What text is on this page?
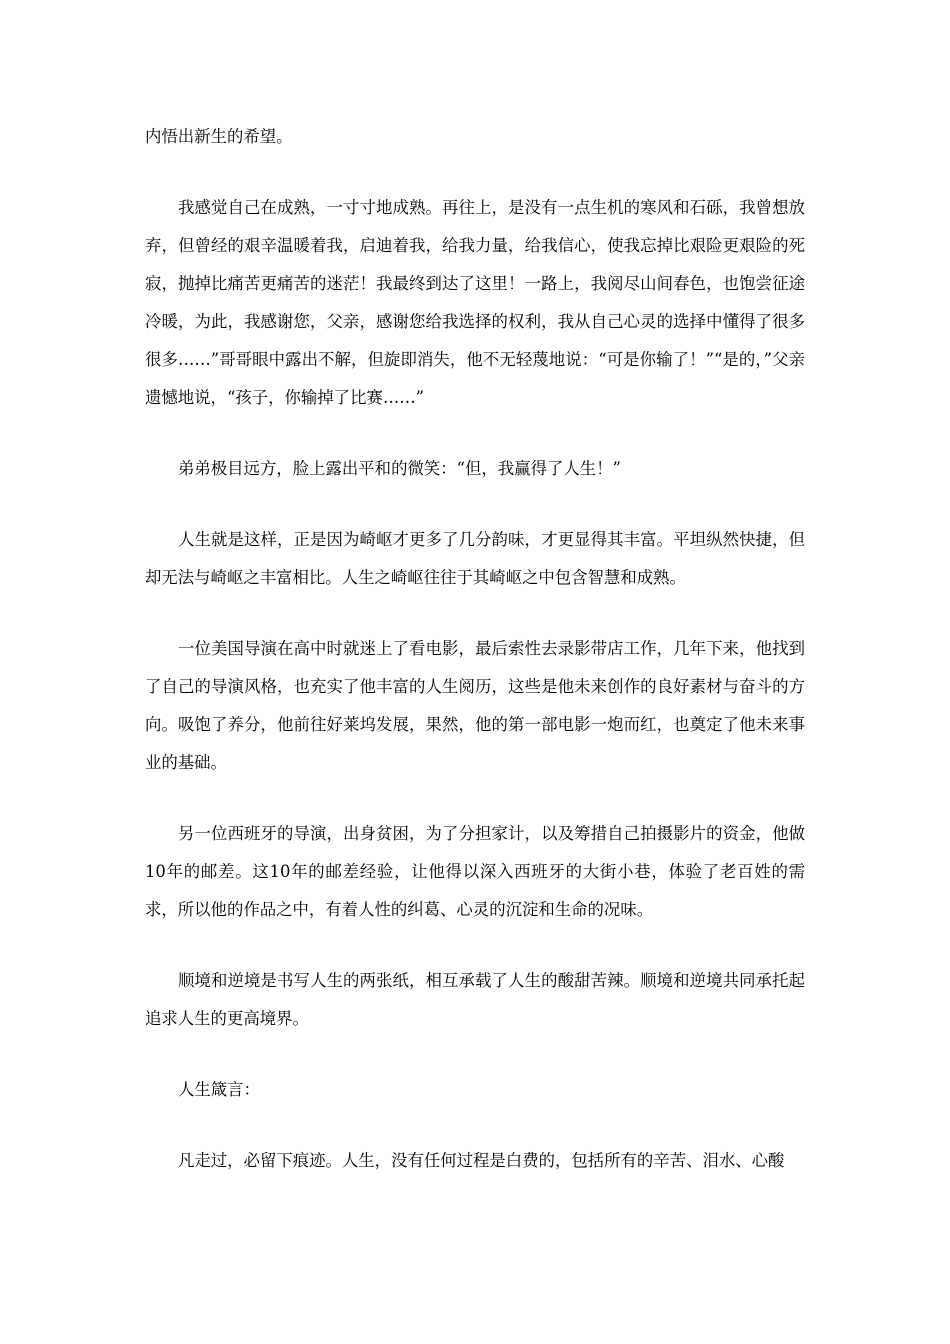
内悟出新生的希望。

我感觉自己在成熟，一寸寸地成熟。再往上，是没有一点生机的寒风和石砾，我曾想放弃，但曾经的艰辛温暖着我，启迪着我，给我力量，给我信心，使我忘掉比艰险更艰险的死寂，抛掉比痛苦更痛苦的迷茫！我最终到达了这里！一路上，我阅尽山间春色，也饱尝征途冷暖，为此，我感谢您，父亲，感谢您给我选择的权利，我从自己心灵的选择中懂得了很多很多……”哥哥眼中露出不解，但旋即消失，他不无轻蔑地说：“可是你输了！”“是的，”父亲遗憾地说，“孩子，你输掉了比赛……”

弟弟极目远方，脸上露出平和的微笑：“但，我赢得了人生！”

人生就是这样，正是因为崎岖才更多了几分韵味，才更显得其丰富。平坦纵然快捷，但却无法与崎岖之丰富相比。人生之崎岖往往于其崎岖之中包含智慧和成熟。

一位美国导演在高中时就迷上了看电影，最后索性去录影带店工作，几年下来，他找到了自己的导演风格，也充实了他丰富的人生阅历，这些是他未来创作的良好素材与奋斗的方向。吸饱了养分，他前往好莱坞发展，果然，他的第一部电影一炮而红，也奠定了他未来事业的基础。

另一位西班牙的导演，出身贫困，为了分担家计，以及筹措自己拍摄影片的资金，他做10年的邮差。这10年的邮差经验，让他得以深入西班牙的大街小巷，体验了老百姓的需求，所以他的作品之中，有着人性的纠葛、心灵的沉淀和生命的况味。

顺境和逆境是书写人生的两张纸，相互承载了人生的酸甜苦辣。顺境和逆境共同承托起追求人生的更高境界。

人生箴言：

凡走过，必留下痕迹。人生，没有任何过程是白费的，包括所有的辛苦、泪水、心酸
